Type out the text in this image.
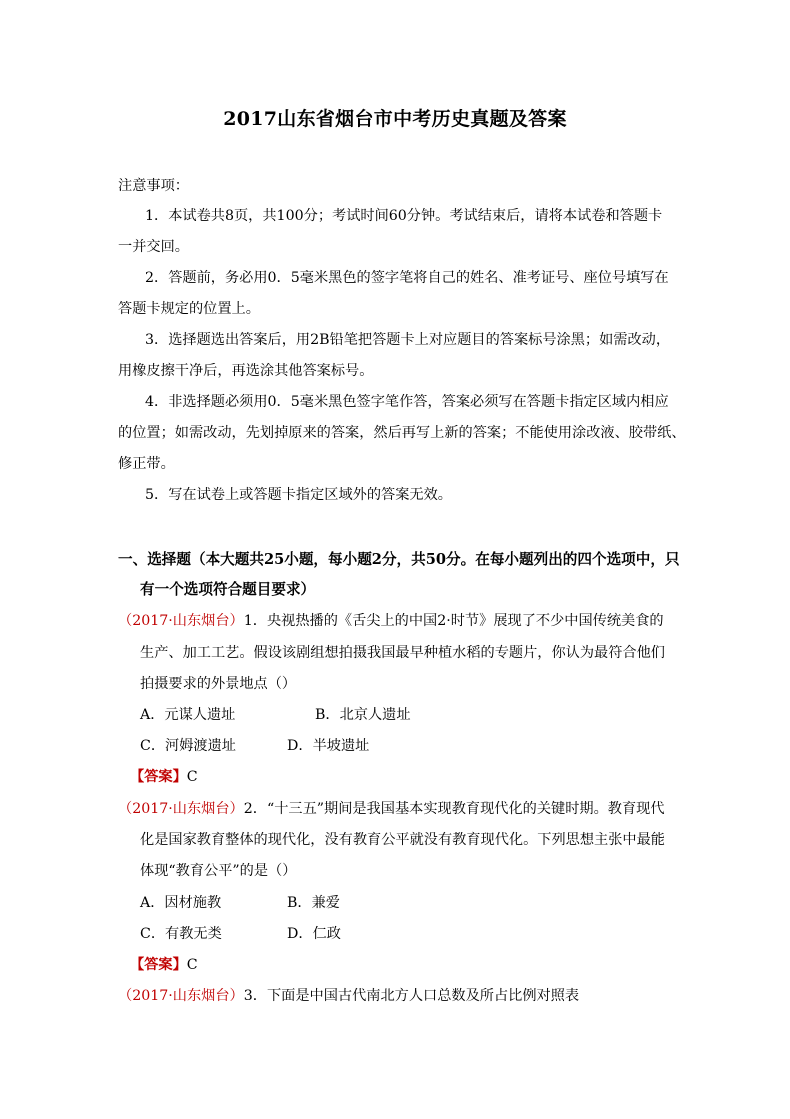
2017山东省烟台市中考历史真题及答案
注意事项：
1．本试卷共8页，共100分；考试时间60分钟。考试结束后，请将本试卷和答题卡
一并交回。
2．答题前，务必用0．5毫米黑色的签字笔将自己的姓名、准考证号、座位号填写在
答题卡规定的位置上。
3．选择题选出答案后，用2B铅笔把答题卡上对应题目的答案标号涂黑；如需改动，
用橡皮擦干净后，再选涂其他答案标号。
4．非选择题必须用0．5毫米黑色签字笔作答，答案必须写在答题卡指定区域内相应
的位置；如需改动，先划掉原来的答案，然后再写上新的答案；不能使用涂改液、胶带纸、
修正带。
5．写在试卷上或答题卡指定区域外的答案无效。
一、选择题（本大题共25小题，每小题2分，共50分。在每小题列出的四个选项中，只
有一个选项符合题目要求）
（2017·山东烟台）1．央视热播的《舌尖上的中国2·时节》展现了不少中国传统美食的
生产、加工工艺。假设该剧组想拍摄我国最早种植水稻的专题片，你认为最符合他们
拍摄要求的外景地点（）
A．元谋人遗址	B．北京人遗址
C．河姆渡遗址	D．半坡遗址
【答案】C
（2017·山东烟台）2．“十三五”期间是我国基本实现教育现代化的关键时期。教育现代
化是国家教育整体的现代化，没有教育公平就没有教育现代化。下列思想主张中最能
体现“教育公平”的是（）
A．因材施教	B．兼爱
C．有教无类	D．仁政
【答案】C
（2017·山东烟台）3．下面是中国古代南北方人口总数及所占比例对照表
